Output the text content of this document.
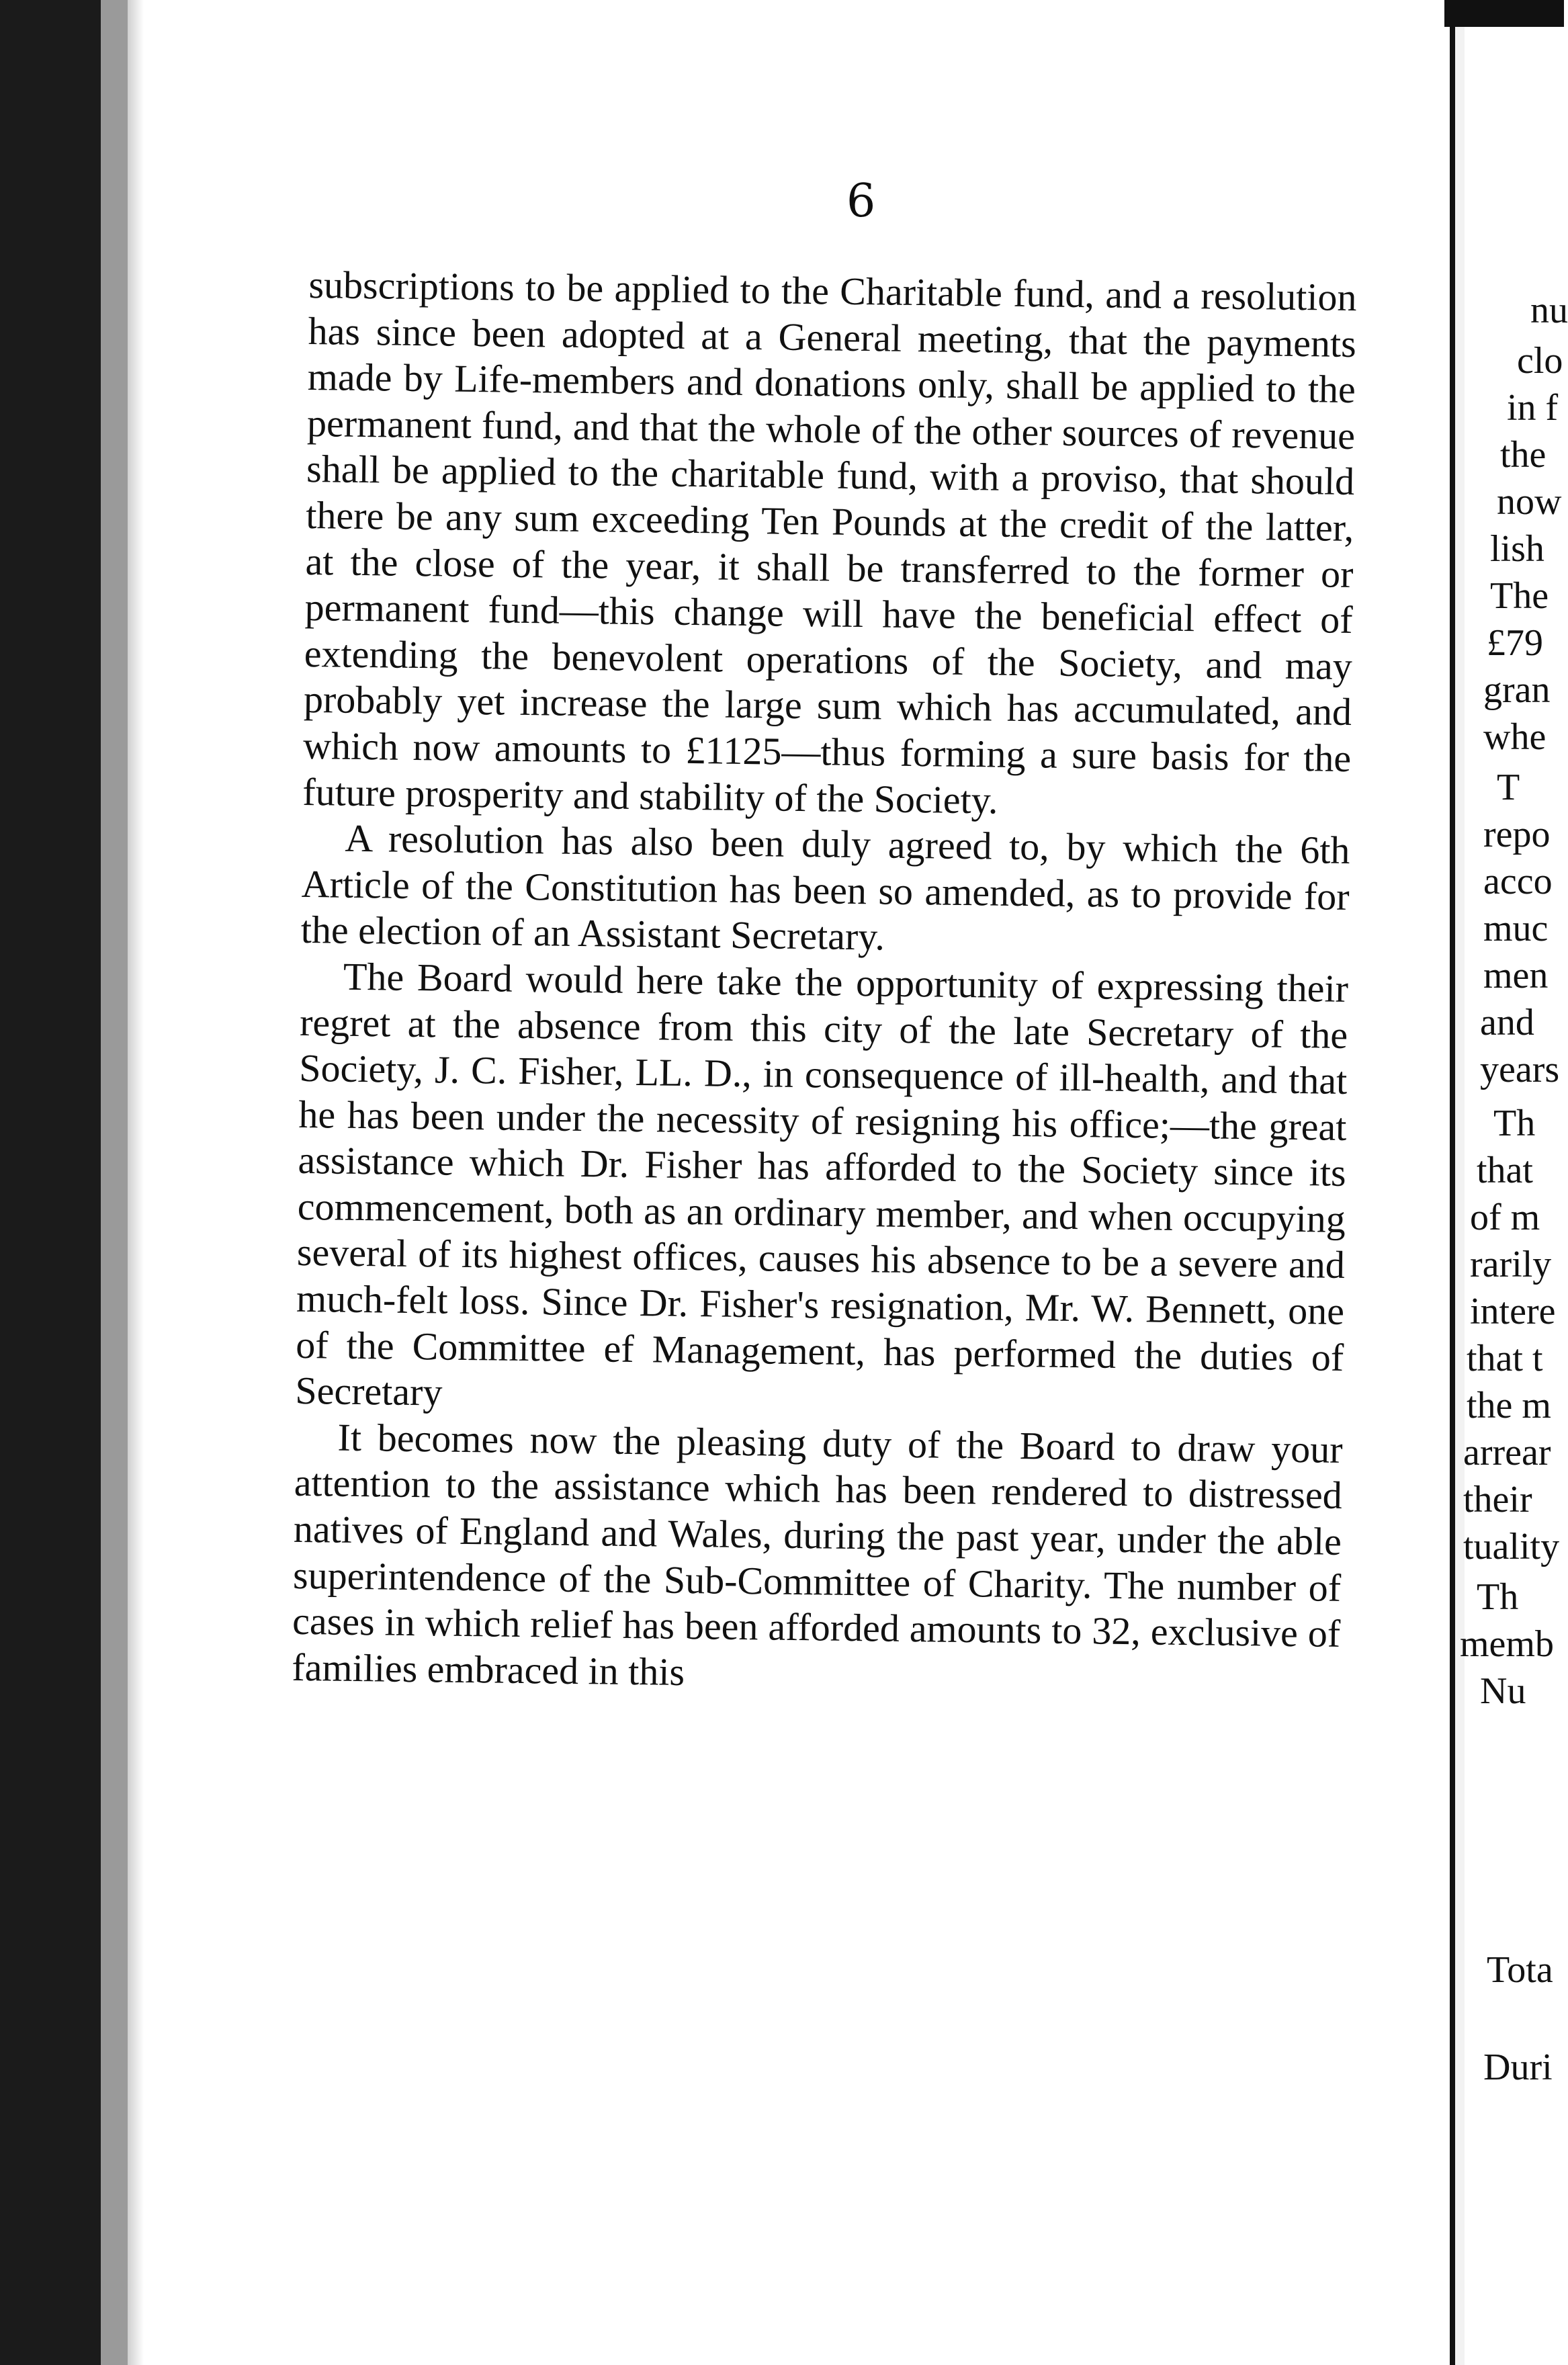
6

subscriptions to be applied to the Charitable fund, and a resolution has since been adopted at a General meeting, that the payments made by Life-members and donations only, shall be applied to the permanent fund, and that the whole of the other sources of revenue shall be applied to the charitable fund, with a proviso, that should there be any sum exceeding Ten Pounds at the credit of the latter, at the close of the year, it shall be transferred to the former or permanent fund—this change will have the beneficial effect of extending the benevolent operations of the Society, and may probably yet increase the large sum which has accumulated, and which now amounts to £1125—thus forming a sure basis for the future prosperity and stability of the Society.

A resolution has also been duly agreed to, by which the 6th Article of the Constitution has been so amended, as to provide for the election of an Assistant Secretary.

The Board would here take the opportunity of expressing their regret at the absence from this city of the late Secretary of the Society, J. C. Fisher, LL. D., in consequence of ill-health, and that he has been under the necessity of resigning his office;—the great assistance which Dr. Fisher has afforded to the Society since its commencement, both as an ordinary member, and when occupying several of its highest offices, causes his absence to be a severe and much-felt loss. Since Dr. Fisher's resignation, Mr. W. Bennett, one of the Committee ef Management, has performed the duties of Secretary

It becomes now the pleasing duty of the Board to draw your attention to the assistance which has been rendered to distressed natives of England and Wales, during the past year, under the able superintendence of the Sub-Committee of Charity. The number of cases in which relief has been afforded amounts to 32, exclusive of families embraced in this

nu
clo
in f
the
now
lish
The
£79
gran
whe
T
repo
acco
muc
men
and
years
Th
that
of m
rarily
intere
that t
the m
arrear
their
tuality
Th
memb
Nu
Tota
Duri
